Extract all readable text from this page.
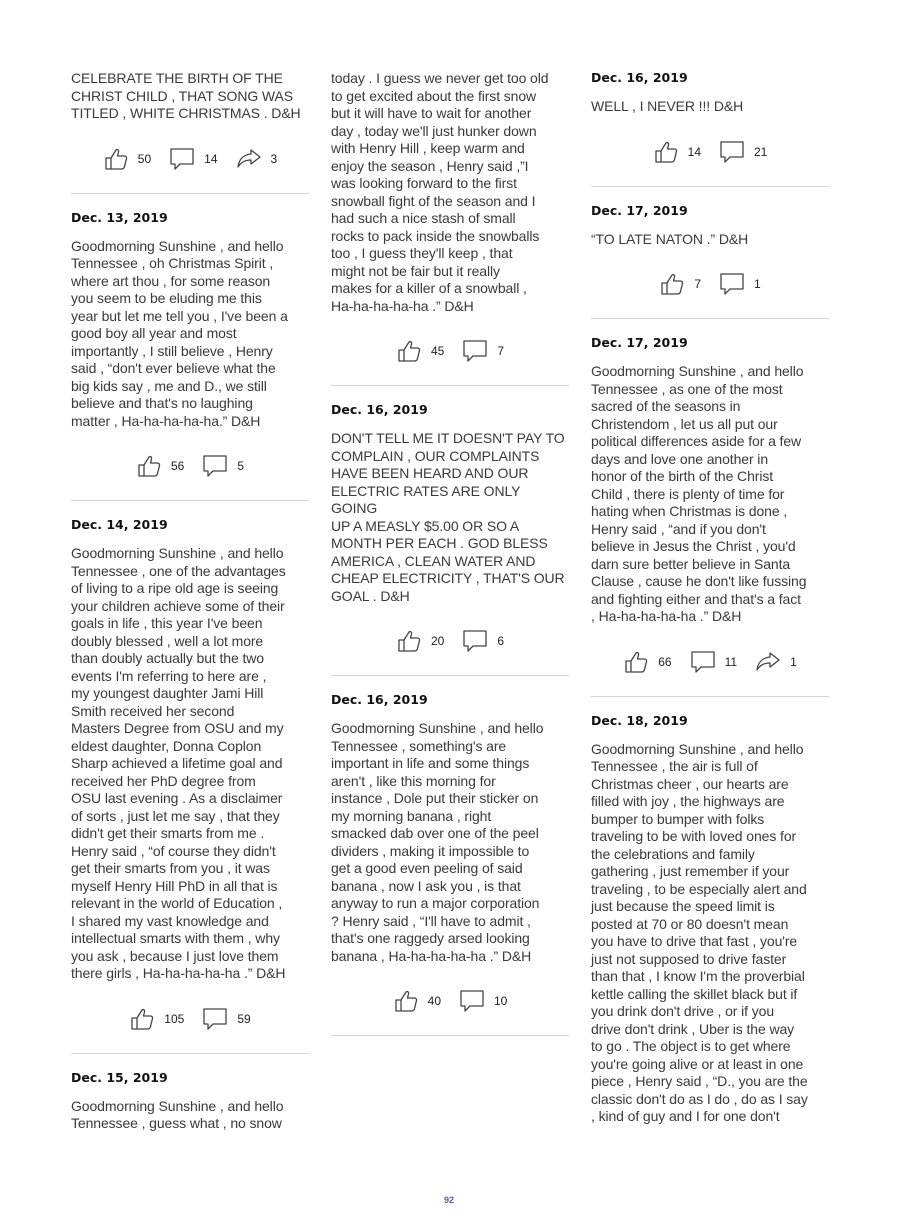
CELEBRATE THE BIRTH OF THE
CHRIST CHILD , THAT SONG WAS
TITLED , WHITE CHRISTMAS . D&H
50	14	3
Dec. 13, 2019
Goodmorning Sunshine , and hello
Tennessee , oh Christmas Spirit ,
where art thou , for some reason
you seem to be eluding me this
year but let me tell you , I've been a
good boy all year and most
importantly , I still believe , Henry
said , “don't ever believe what the
big kids say , me and D., we still
believe and that's no laughing
matter , Ha-ha-ha-ha-ha.” D&H
56	5
Dec. 14, 2019
Goodmorning Sunshine , and hello
Tennessee , one of the advantages
of living to a ripe old age is seeing
your children achieve some of their
goals in life , this year I've been
doubly blessed , well a lot more
than doubly actually but the two
events I'm referring to here are ,
my youngest daughter Jami Hill
Smith received her second
Masters Degree from OSU and my
eldest daughter, Donna Coplon
Sharp achieved a lifetime goal and
received her PhD degree from
OSU last evening . As a disclaimer
of sorts , just let me say , that they
didn't get their smarts from me .
Henry said , “of course they didn't
get their smarts from you , it was
myself Henry Hill PhD in all that is
relevant in the world of Education ,
I shared my vast knowledge and
intellectual smarts with them , why
you ask , because I just love them
there girls , Ha-ha-ha-ha-ha .” D&H
105	59
Dec. 15, 2019
Goodmorning Sunshine , and hello
Tennessee , guess what , no snow
today . I guess we never get too old
to get excited about the first snow
but it will have to wait for another
day , today we'll just hunker down
with Henry Hill , keep warm and
enjoy the season , Henry said ,”I
was looking forward to the first
snowball fight of the season and I
had such a nice stash of small
rocks to pack inside the snowballs
too , I guess they'll keep , that
might not be fair but it really
makes for a killer of a snowball ,
Ha-ha-ha-ha-ha .” D&H
45	7
Dec. 16, 2019
DON'T TELL ME IT DOESN'T PAY TO
COMPLAIN , OUR COMPLAINTS
HAVE BEEN HEARD AND OUR
ELECTRIC RATES ARE ONLY GOING
UP A MEASLY $5.00 OR SO A
MONTH PER EACH . GOD BLESS
AMERICA , CLEAN WATER AND
CHEAP ELECTRICITY , THAT'S OUR
GOAL . D&H
20	6
Dec. 16, 2019
Goodmorning Sunshine , and hello
Tennessee , something's are
important in life and some things
aren't , like this morning for
instance , Dole put their sticker on
my morning banana , right
smacked dab over one of the peel
dividers , making it impossible to
get a good even peeling of said
banana , now I ask you , is that
anyway to run a major corporation
? Henry said , “I'll have to admit ,
that's one raggedy arsed looking
banana , Ha-ha-ha-ha-ha .” D&H
40	10
Dec. 16, 2019
WELL , I NEVER !!! D&H
14	21
Dec. 17, 2019
“TO LATE NATON .” D&H
7	1
Dec. 17, 2019
Goodmorning Sunshine , and hello
Tennessee , as one of the most
sacred of the seasons in
Christendom , let us all put our
political differences aside for a few
days and love one another in
honor of the birth of the Christ
Child , there is plenty of time for
hating when Christmas is done ,
Henry said , “and if you don't
believe in Jesus the Christ , you'd
darn sure better believe in Santa
Clause , cause he don't like fussing
and fighting either and that's a fact
, Ha-ha-ha-ha-ha .” D&H
66	11	1
Dec. 18, 2019
Goodmorning Sunshine , and hello
Tennessee , the air is full of
Christmas cheer , our hearts are
filled with joy , the highways are
bumper to bumper with folks
traveling to be with loved ones for
the celebrations and family
gathering , just remember if your
traveling , to be especially alert and
just because the speed limit is
posted at 70 or 80 doesn't mean
you have to drive that fast , you're
just not supposed to drive faster
than that , I know I'm the proverbial
kettle calling the skillet black but if
you drink don't drive , or if you
drive don't drink , Uber is the way
to go . The object is to get where
you're going alive or at least in one
piece , Henry said , “D., you are the
classic don't do as I do , do as I say
, kind of guy and I for one don't
92
